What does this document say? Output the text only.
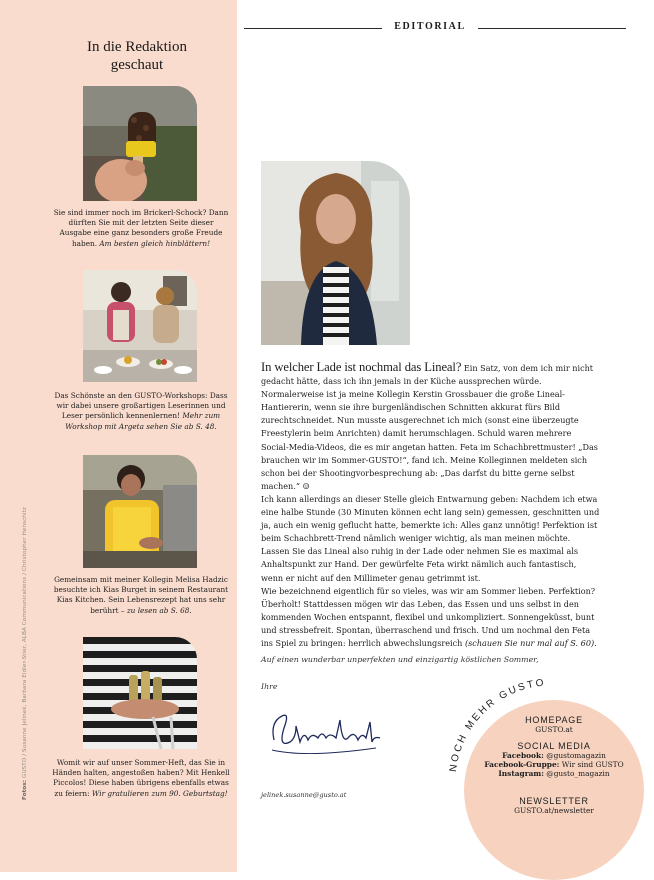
In die Redaktion
geschaut
Sie sind immer noch im Brickerl-Schock? Dann dürften Sie mit der letzten Seite dieser Ausgabe eine ganz besonders große Freude haben. Am besten gleich hinblättern!
Das Schönste an den GUSTO-Workshops: Dass wir dabei unsere großartigen Leserinnen und Leser persönlich kennenlernen! Mehr zum Workshop mit Argeta sehen Sie ab S. 48.
Gemeinsam mit meiner Kollegin Melisa Hadzic besuchte ich Kias Burget in seinem Restaurant Kias Kitchen. Sein Lebensrezept hat uns sehr berührt – zu lesen ab S. 68.
Womit wir auf unser Sommer-Heft, das Sie in Händen halten, angestoßen haben? Mit Henkell Piccolos! Diese haben übrigens ebenfalls etwas zu feiern: Wir gratulieren zum 90. Geburtstag!
Fotos: GUSTO / Susanne Jelinek, Barbara Eidler-Stier, ALBA Communications / Christopher Henschitz
EDITORIAL

In welcher Lade ist nochmal das Lineal? Ein Satz, von dem ich mir nicht gedacht hätte, dass ich ihn jemals in der Küche aussprechen würde. Normalerweise ist ja meine Kollegin Kerstin Grossbauer die große Lineal-Hantiererin, wenn sie ihre burgenländischen Schnitten akkurat fürs Bild zurechtschneidet. Nun musste ausgerechnet ich mich (sonst eine überzeugte Freestylerin beim Anrichten) damit herumschlagen. Schuld waren mehrere Social-Media-Videos, die es mir angetan hatten. Feta im Schachbrettmuster! „Das brauchen wir im Sommer-GUSTO!“, fand ich. Meine Kolleginnen meldeten sich schon bei der Shootingvorbesprechung ab: „Das darfst du bitte gerne selbst machen.“ ☺

Ich kann allerdings an dieser Stelle gleich Entwarnung geben: Nachdem ich etwa eine halbe Stunde (30 Minuten können echt lang sein) gemessen, geschnitten und ja, auch ein wenig geflucht hatte, bemerkte ich: Alles ganz unnötig! Perfektion ist beim Schachbrett-Trend nämlich weniger wichtig, als man meinen möchte. Lassen Sie das Lineal also ruhig in der Lade oder nehmen Sie es maximal als Anhaltspunkt zur Hand. Der gewürfelte Feta wirkt nämlich auch fantastisch, wenn er nicht auf den Millimeter genau getrimmt ist.

Wie bezeichnend eigentlich für so vieles, was wir am Sommer lieben. Perfektion? Überholt! Stattdessen mögen wir das Leben, das Essen und uns selbst in den kommenden Wochen entspannt, flexibel und unkompliziert. Sonnengeküsst, bunt und stressbefreit. Spontan, überraschend und frisch. Und um nochmal den Feta ins Spiel zu bringen: herrlich abwechslungsreich (schauen Sie nur mal auf S. 60).

Auf einen wunderbar unperfekten und einzigartig köstlichen Sommer,
Ihre
jelinek.susanne@gusto.at
NOCH MEHR GUSTO
HOMEPAGE
GUSTO.at
SOCIAL MEDIA
Facebook: @gustomagazin
Facebook-Gruppe: Wir sind GUSTO
Instagram: @gusto_magazin
NEWSLETTER
GUSTO.at/newsletter
